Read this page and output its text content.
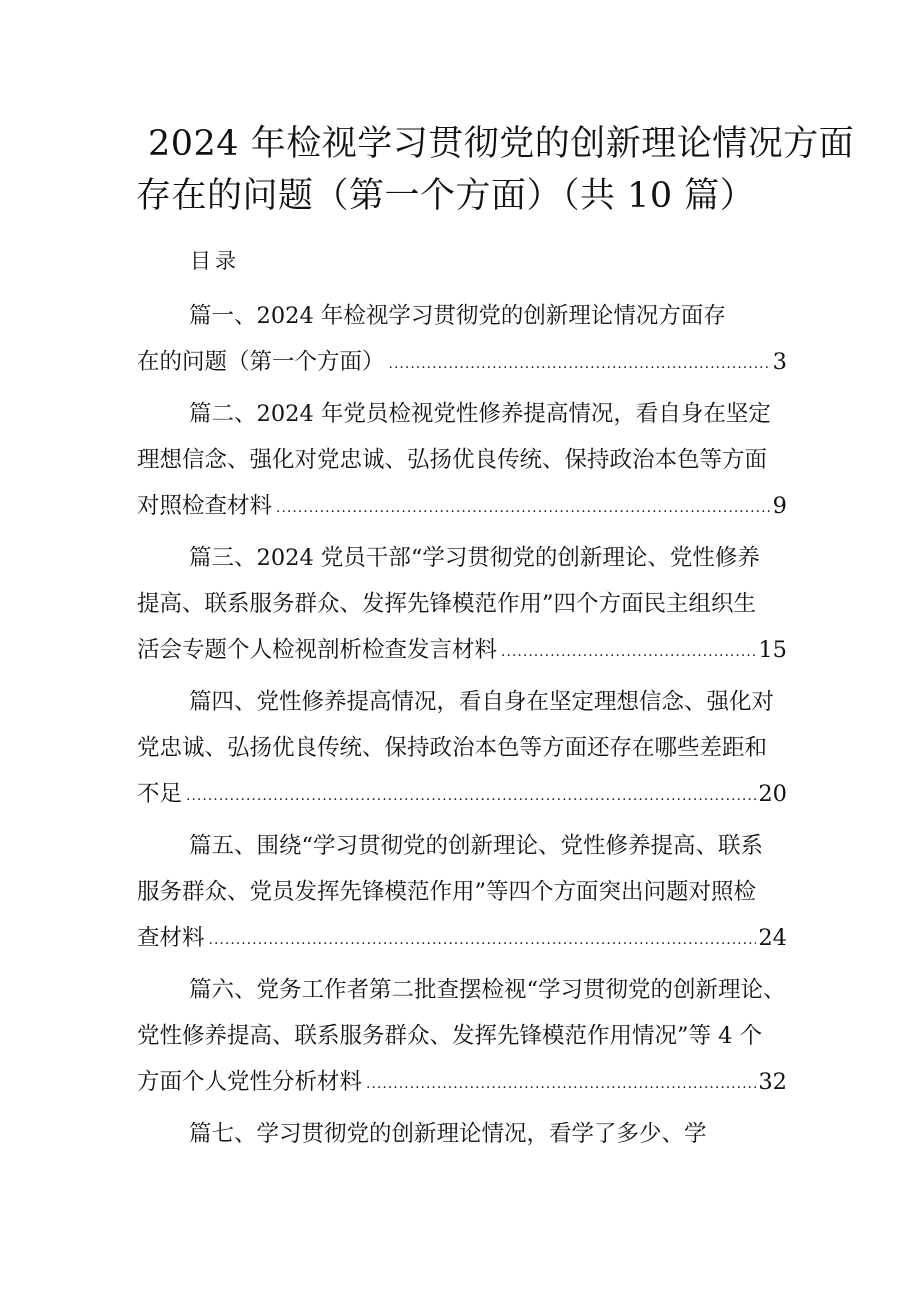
2024 年检视学习贯彻党的创新理论情况方面
存在的问题（第一个方面）（共 10 篇）
目录
篇一、2024 年检视学习贯彻党的创新理论情况方面存
在的问题（第一个方面） .....	3
篇二、2024 年党员检视党性修养提高情况，看自身在坚定
理想信念、强化对党忠诚、弘扬优良传统、保持政治本色等方面
对照检查材料 .....	9
篇三、2024 党员干部“学习贯彻党的创新理论、党性修养
提高、联系服务群众、发挥先锋模范作用”四个方面民主组织生
活会专题个人检视剖析检查发言材料 .....	15
篇四、党性修养提高情况，看自身在坚定理想信念、强化对
党忠诚、弘扬优良传统、保持政治本色等方面还存在哪些差距和
不足 .....	20
篇五、围绕“学习贯彻党的创新理论、党性修养提高、联系
服务群众、党员发挥先锋模范作用”等四个方面突出问题对照检
查材料 .....	24
篇六、党务工作者第二批查摆检视“学习贯彻党的创新理论、
党性修养提高、联系服务群众、发挥先锋模范作用情况”等 4 个
方面个人党性分析材料 .....	32
篇七、学习贯彻党的创新理论情况，看学了多少、学
